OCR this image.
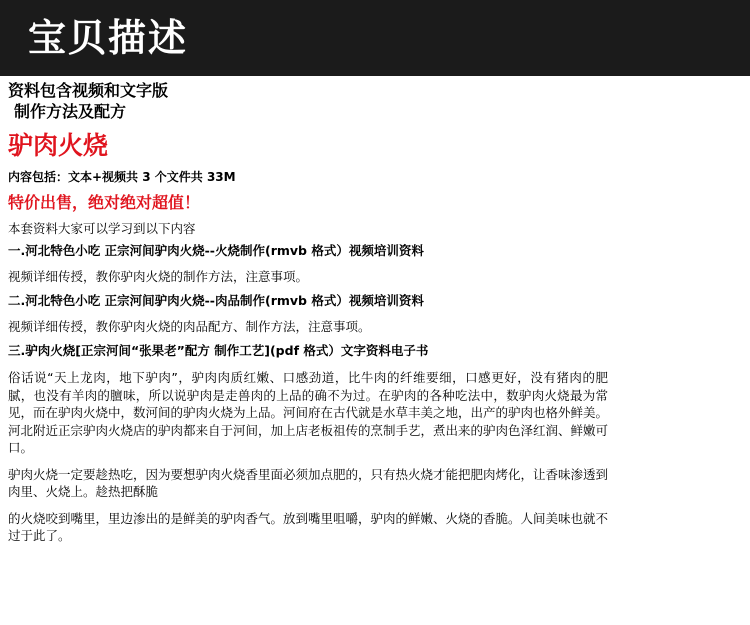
宝贝描述
资料包含视频和文字版
制作方法及配方
驴肉火烧
内容包括：文本+视频共 3 个文件共 33M
特价出售，绝对绝对超值！
本套资料大家可以学习到以下内容
一.河北特色小吃 正宗河间驴肉火烧--火烧制作(rmvb 格式）视频培训资料
视频详细传授，教你驴肉火烧的制作方法，注意事项。
二.河北特色小吃 正宗河间驴肉火烧--肉品制作(rmvb 格式）视频培训资料
视频详细传授，教你驴肉火烧的肉品配方、制作方法，注意事项。
三.驴肉火烧[正宗河间“张果老”配方 制作工艺](pdf 格式）文字资料电子书
俗话说“天上龙肉，地下驴肉”，驴肉肉质红嫩、口感劲道，比牛肉的纤维要细，口感更好，没有猪肉的肥腻，也没有羊肉的膻味，所以说驴肉是走兽肉的上品的确不为过。在驴肉的各种吃法中，数驴肉火烧最为常见，而在驴肉火烧中，数河间的驴肉火烧为上品。河间府在古代就是水草丰美之地，出产的驴肉也格外鲜美。河北附近正宗驴肉火烧店的驴肉都来自于河间，加上店老板祖传的烹制手艺，煮出来的驴肉色泽红润、鲜嫩可口。
驴肉火烧一定要趁热吃，因为要想驴肉火烧香里面必须加点肥的，只有热火烧才能把肥肉烤化，让香味渗透到肉里、火烧上。趁热把酥脆
的火烧咬到嘴里，里边渗出的是鲜美的驴肉香气。放到嘴里咀嚼，驴肉的鲜嫩、火烧的香脆。人间美味也就不过于此了。
